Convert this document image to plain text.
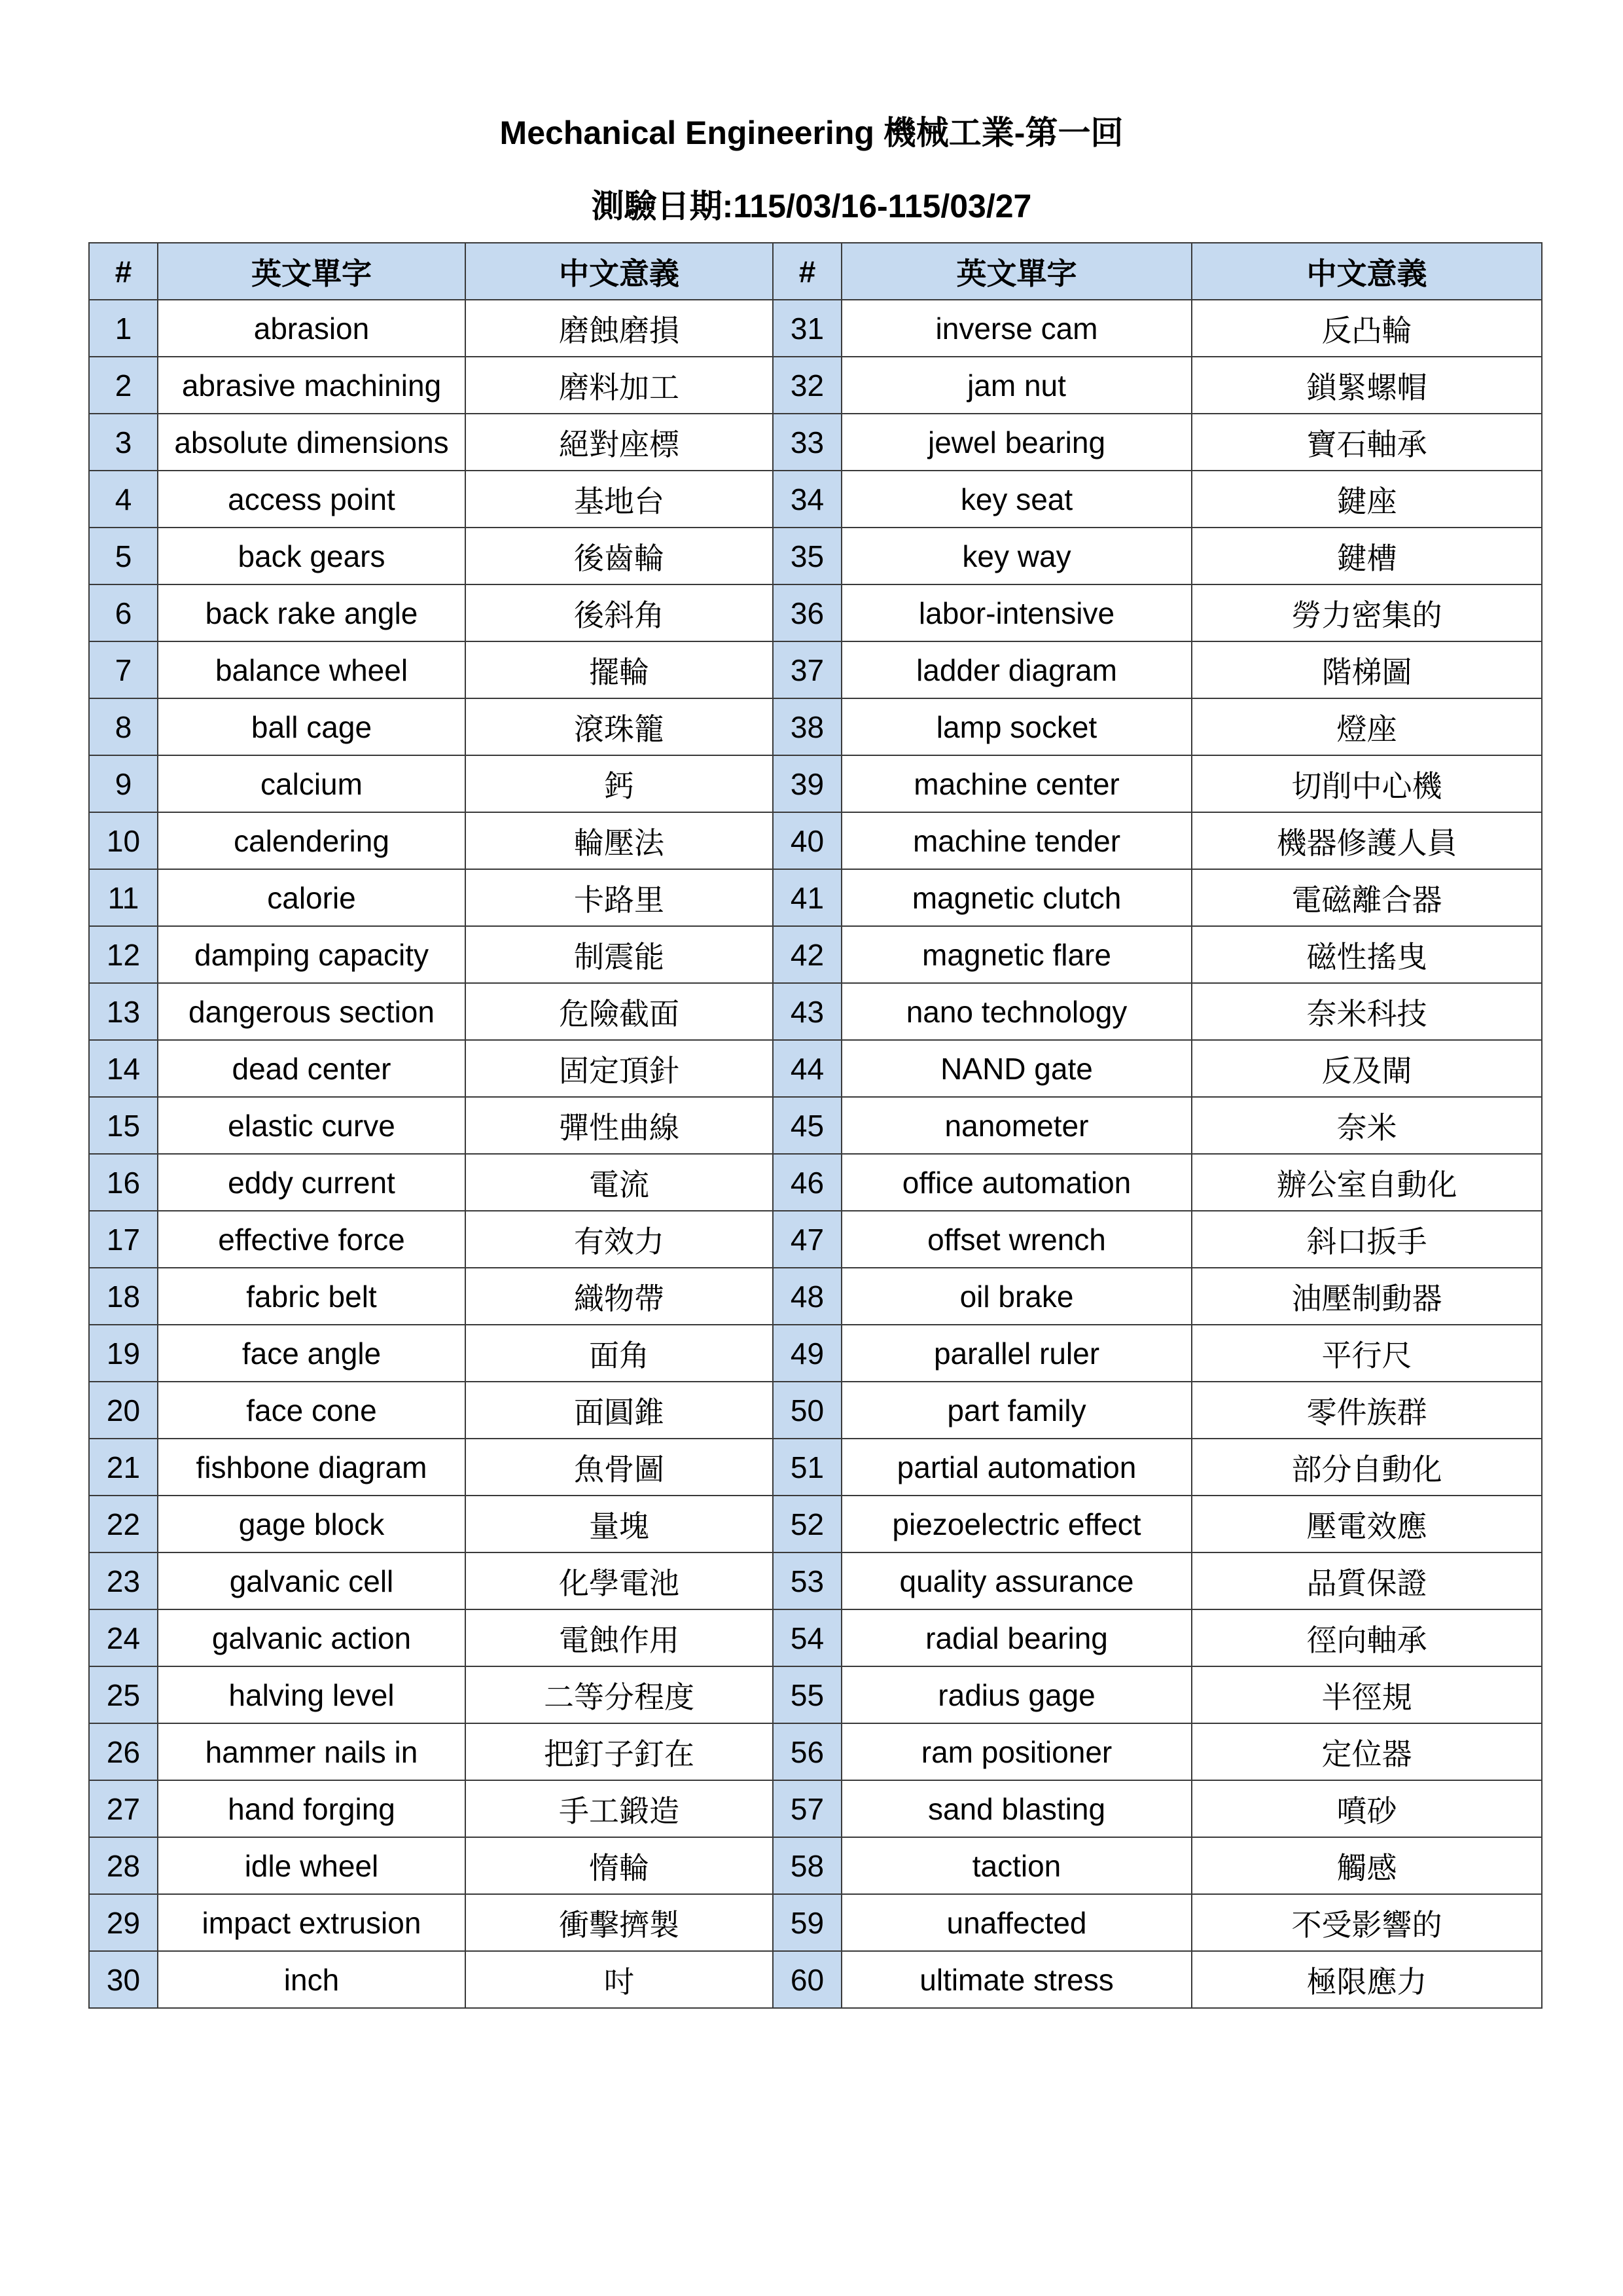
Mechanical Engineering 機械工業-第一回
測驗日期:115/03/16-115/03/27
#	英文單字	中文意義	#	英文單字	中文意義
1	abrasion	磨蝕磨損	31	inverse cam	反凸輪
2	abrasive machining	磨料加工	32	jam nut	鎖緊螺帽
3	absolute dimensions	絕對座標	33	jewel bearing	寶石軸承
4	access point	基地台	34	key seat	鍵座
5	back gears	後齒輪	35	key way	鍵槽
6	back rake angle	後斜角	36	labor-intensive	勞力密集的
7	balance wheel	擺輪	37	ladder diagram	階梯圖
8	ball cage	滾珠籠	38	lamp socket	燈座
9	calcium	鈣	39	machine center	切削中心機
10	calendering	輪壓法	40	machine tender	機器修護人員
11	calorie	卡路里	41	magnetic clutch	電磁離合器
12	damping capacity	制震能	42	magnetic flare	磁性搖曳
13	dangerous section	危險截面	43	nano technology	奈米科技
14	dead center	固定頂針	44	NAND gate	反及閘
15	elastic curve	彈性曲線	45	nanometer	奈米
16	eddy current	電流	46	office automation	辦公室自動化
17	effective force	有效力	47	offset wrench	斜口扳手
18	fabric belt	織物帶	48	oil brake	油壓制動器
19	face angle	面角	49	parallel ruler	平行尺
20	face cone	面圓錐	50	part family	零件族群
21	fishbone diagram	魚骨圖	51	partial automation	部分自動化
22	gage block	量塊	52	piezoelectric effect	壓電效應
23	galvanic cell	化學電池	53	quality assurance	品質保證
24	galvanic action	電蝕作用	54	radial bearing	徑向軸承
25	halving level	二等分程度	55	radius gage	半徑規
26	hammer nails in	把釘子釘在	56	ram positioner	定位器
27	hand forging	手工鍛造	57	sand blasting	噴砂
28	idle wheel	惰輪	58	taction	觸感
29	impact extrusion	衝擊擠製	59	unaffected	不受影響的
30	inch	吋	60	ultimate stress	極限應力
